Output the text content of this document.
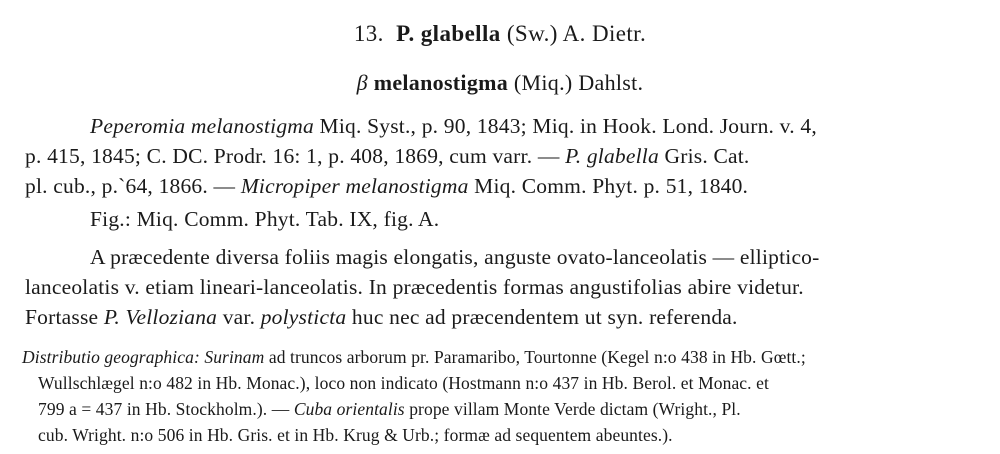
13. P. glabella (Sw.) A. Dietr.
β melanostigma (Miq.) Dahlst.
Peperomia melanostigma Miq. Syst., p. 90, 1843; Miq. in Hook. Lond. Journ. v. 4,
p. 415, 1845; C. DC. Prodr. 16: 1, p. 408, 1869, cum varr. — P. glabella Gris. Cat.
pl. cub., p.`64, 1866. — Micropiper melanostigma Miq. Comm. Phyt. p. 51, 1840.
Fig.: Miq. Comm. Phyt. Tab. IX, fig. A.
A præcedente diversa foliis magis elongatis, anguste ovato-lanceolatis — elliptico-
lanceolatis v. etiam lineari-lanceolatis. In præcedentis formas angustifolias abire videtur.
Fortasse P. Velloziana var. polysticta huc nec ad præcendentem ut syn. referenda.
Distributio geographica: Surinam ad truncos arborum pr. Paramaribo, Tourtonne (Kegel n:o 438 in Hb. Gœtt.;
Wullschlægel n:o 482 in Hb. Monac.), loco non indicato (Hostmann n:o 437 in Hb. Berol. et Monac. et
799 a = 437 in Hb. Stockholm.). — Cuba orientalis prope villam Monte Verde dictam (Wright., Pl.
cub. Wright. n:o 506 in Hb. Gris. et in Hb. Krug & Urb.; formæ ad sequentem abeuntes.).
